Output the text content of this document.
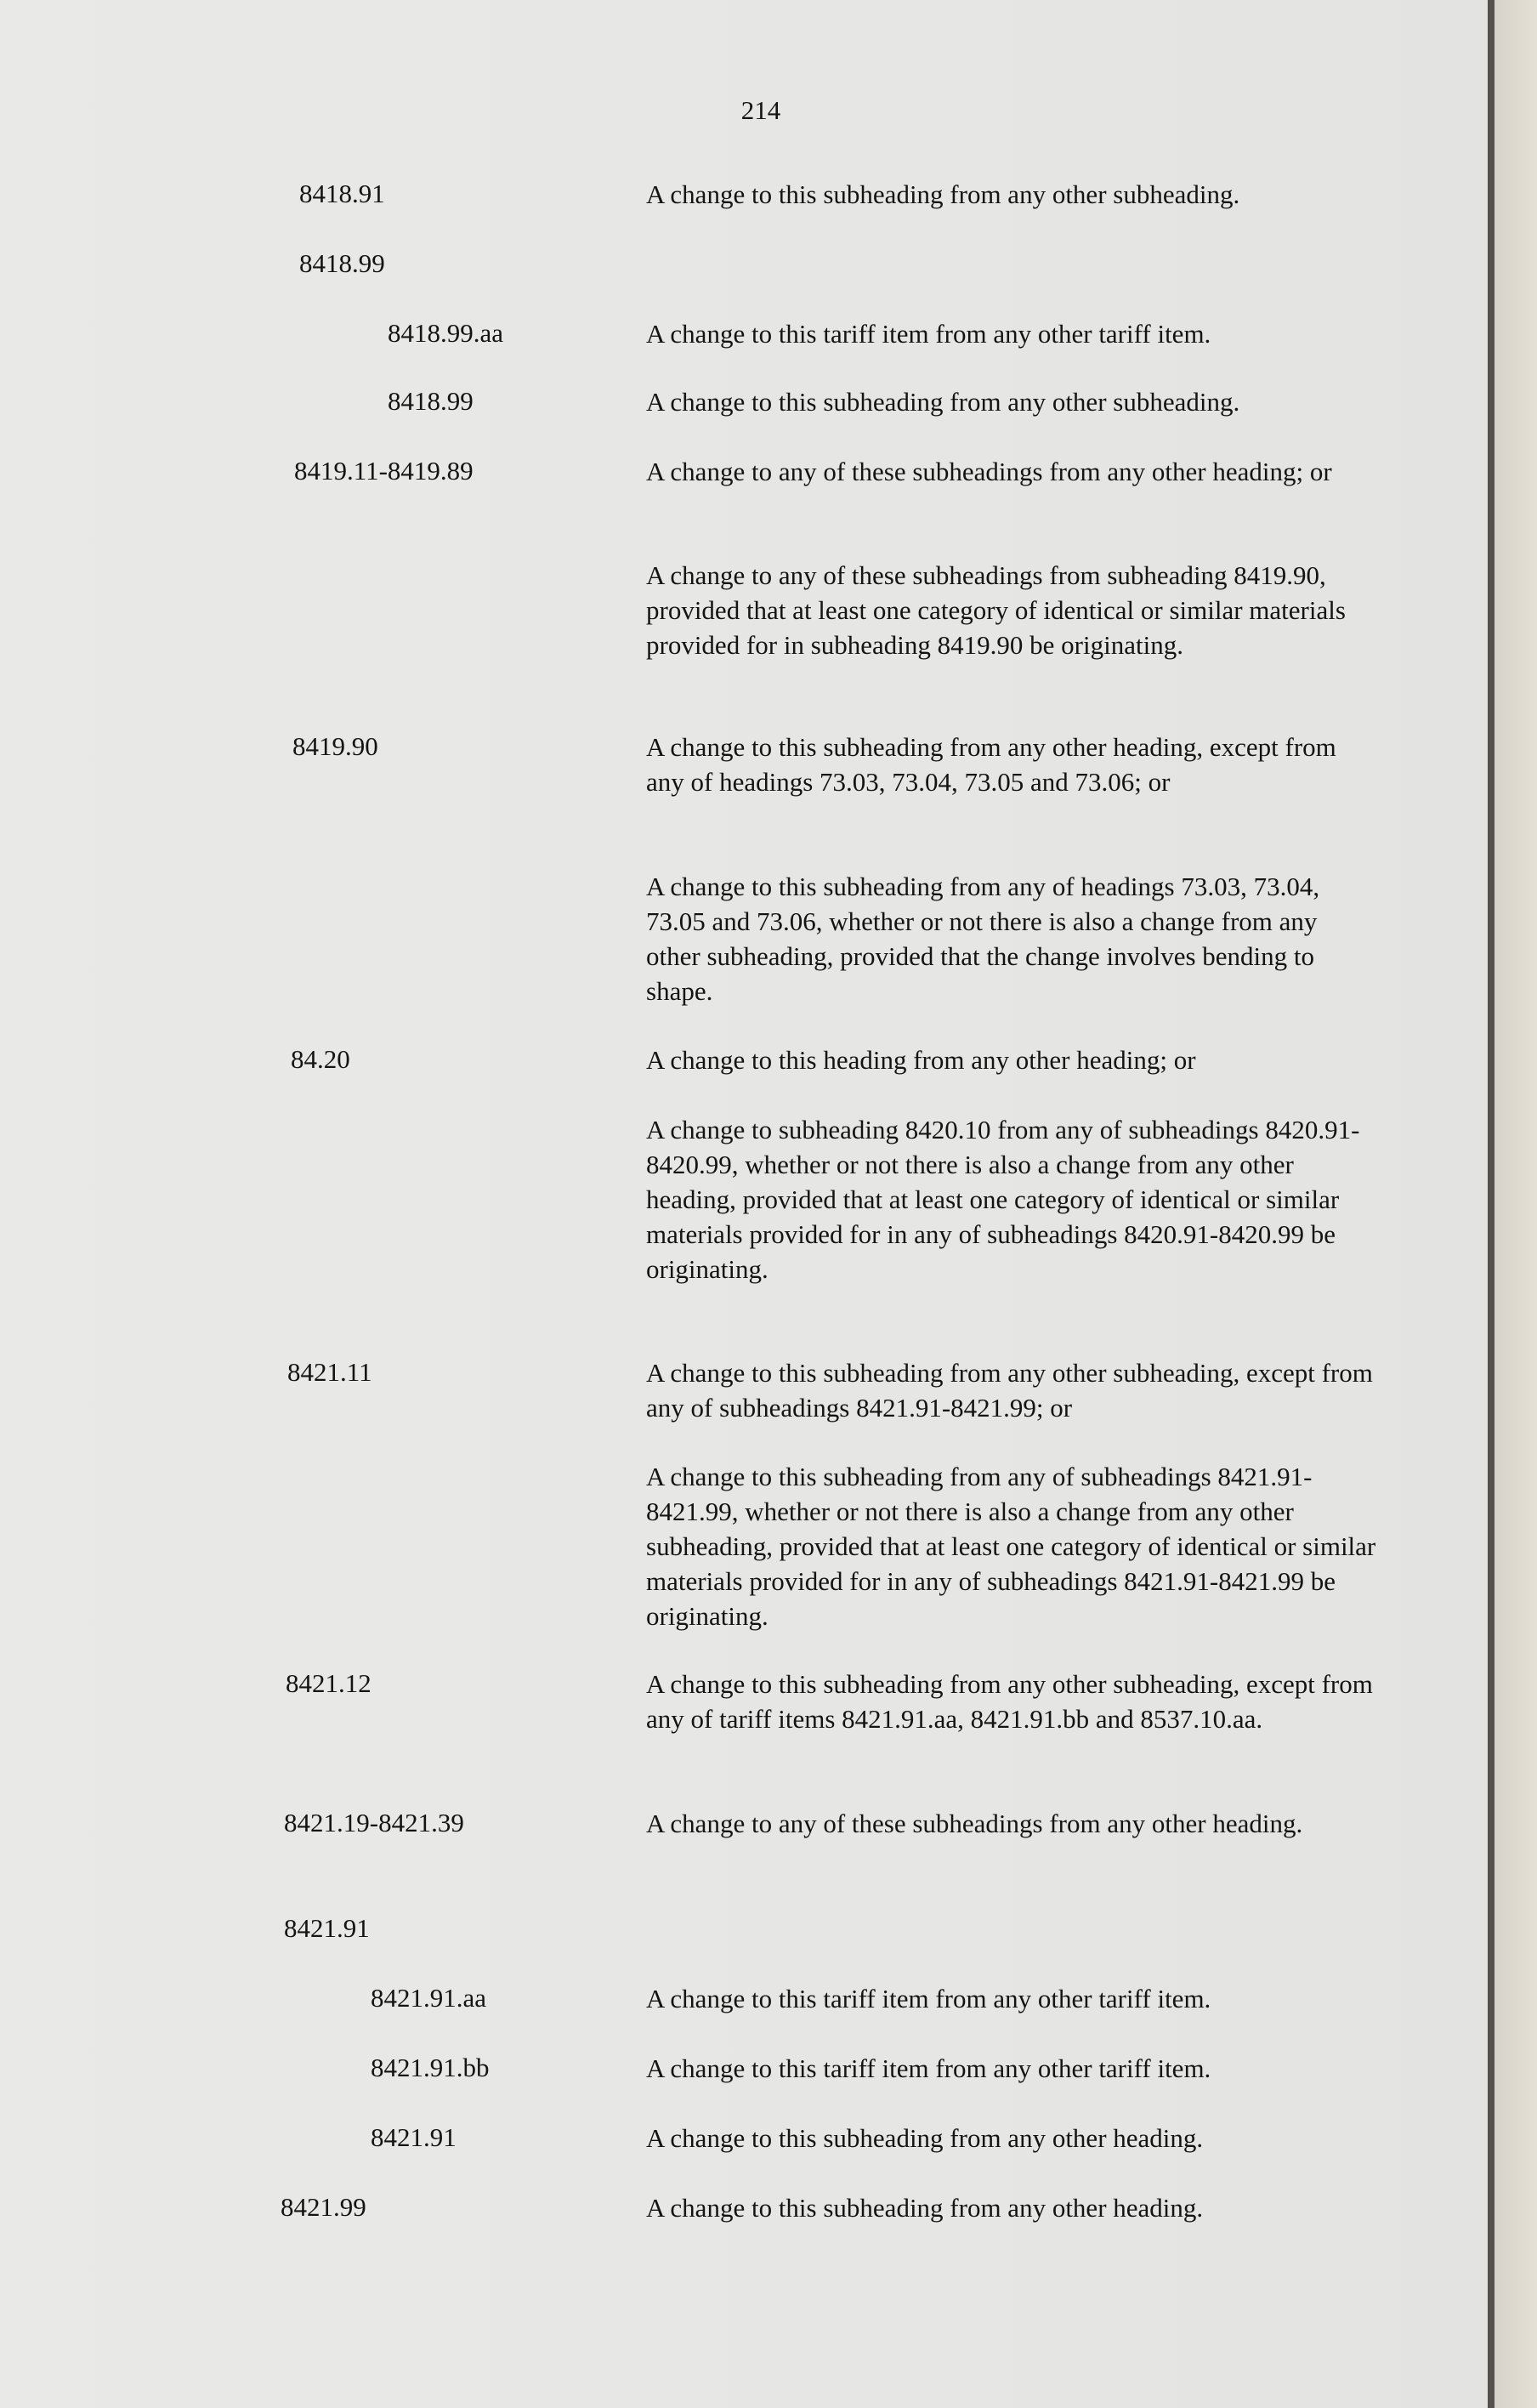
214
8418.91	A change to this subheading from any other subheading.

8418.99
8418.99.aa	A change to this tariff item from any other tariff item.

8418.99	A change to this subheading from any other subheading.

8419.11-8419.89	A change to any of these subheadings from any other heading; or

A change to any of these subheadings from subheading 8419.90, provided that at least one category of identical or similar materials provided for in subheading 8419.90 be originating.

8419.90	A change to this subheading from any other heading, except from any of headings 73.03, 73.04, 73.05 and 73.06; or

A change to this subheading from any of headings 73.03, 73.04, 73.05 and 73.06, whether or not there is also a change from any other subheading, provided that the change involves bending to shape.

84.20	A change to this heading from any other heading; or

A change to subheading 8420.10 from any of subheadings 8420.91-8420.99, whether or not there is also a change from any other heading, provided that at least one category of identical or similar materials provided for in any of subheadings 8420.91-8420.99 be originating.

8421.11	A change to this subheading from any other subheading, except from any of subheadings 8421.91-8421.99; or

A change to this subheading from any of subheadings 8421.91-8421.99, whether or not there is also a change from any other subheading, provided that at least one category of identical or similar materials provided for in any of subheadings 8421.91-8421.99 be originating.

8421.12	A change to this subheading from any other subheading, except from any of tariff items 8421.91.aa, 8421.91.bb and 8537.10.aa.

8421.19-8421.39	A change to any of these subheadings from any other heading.

8421.91
8421.91.aa	A change to this tariff item from any other tariff item.

8421.91.bb	A change to this tariff item from any other tariff item.

8421.91	A change to this subheading from any other heading.

8421.99	A change to this subheading from any other heading.
